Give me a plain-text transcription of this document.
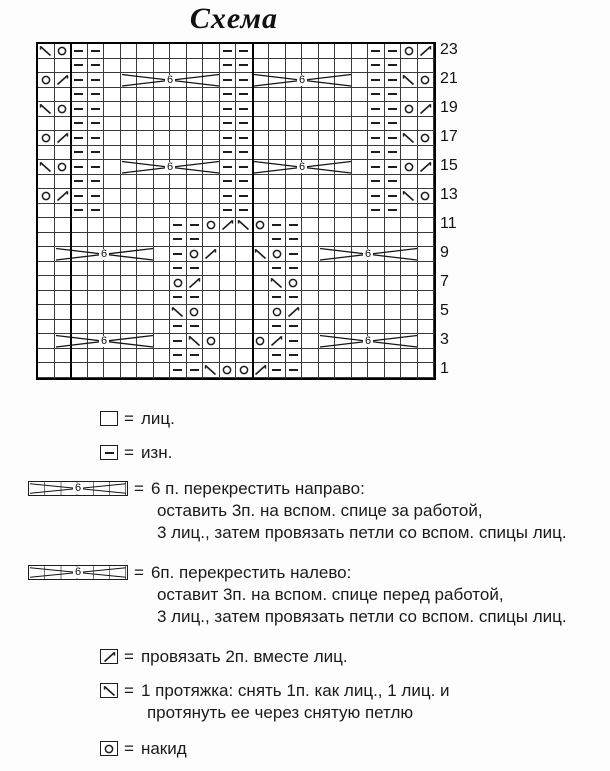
Схема
6	6
6	6
6	6
6	6
23
21
19
17
15
13
11
9
7
5
3
1
= лиц.
= изн.
6	= 6 п. перекрестить направо:
оставить 3п. на вспом. спице за работой,
3 лиц., затем провязать петли со вспом. спицы лиц.
6	= 6п. перекрестить налево:
оставит 3п. на вспом. спице перед работой,
3 лиц., затем провязать петли со вспом. спицы лиц.
= провязать 2п. вместе лиц.
= 1 протяжка: снять 1п. как лиц., 1 лиц. и
протянуть ее через снятую петлю
= накид
